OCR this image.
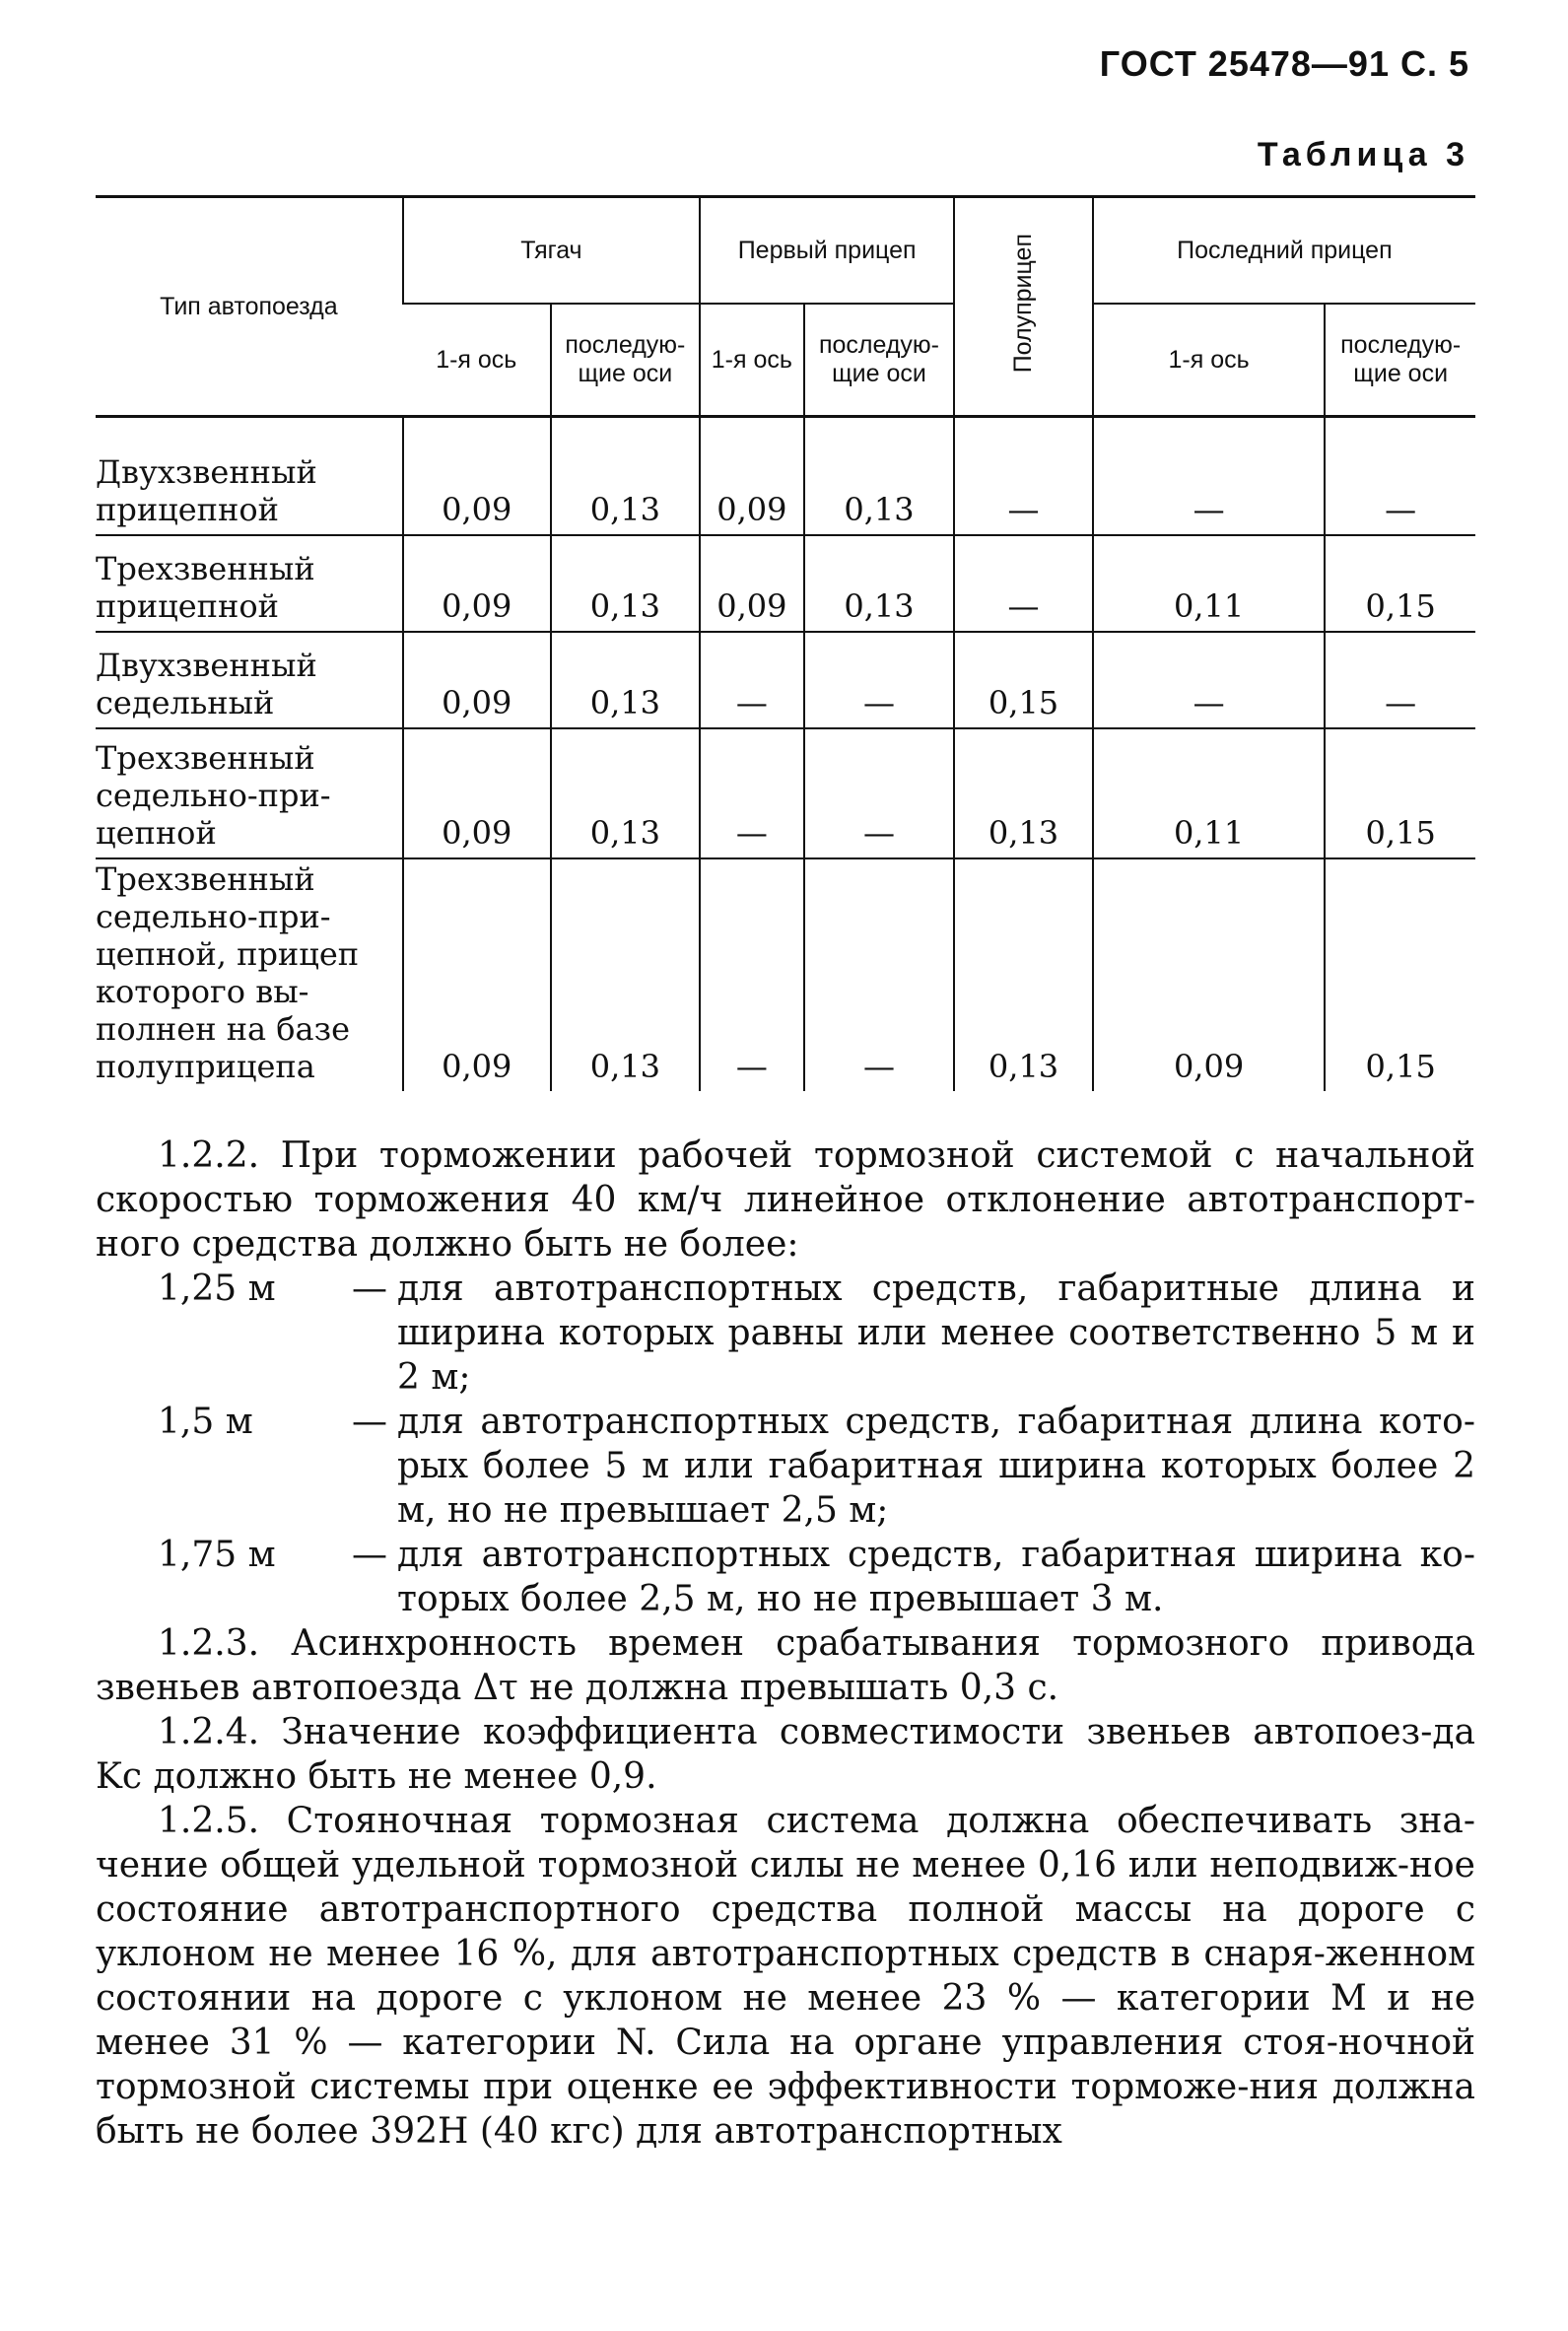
ГОСТ 25478—91 С. 5
Таблица 3
Тип автопоезда	Тягач		Первый прицеп		Полуприцеп	Последний прицеп	
	1-я ось	последую-щие оси	1-я ось	последую-щие оси		1-я ось	последую-щие оси
Двухзвенный прицепной	0,09	0,13	0,09	0,13	—	—	—
Трехзвенный прицепной	0,09	0,13	0,09	0,13	—	0,11	0,15
Двухзвенный седельный	0,09	0,13	—	—	0,15	—	—
Трехзвенный седельно-при-цепной	0,09	0,13	—	—	0,13	0,11	0,15
Трехзвенный седельно-при-цепной, прицеп которого вы-полнен на базе полуприцепа	0,09	0,13	—	—	0,13	0,09	0,15

1.2.2. При торможении рабочей тормозной системой с начальной скоростью торможения 40 км/ч линейное отклонение автотранспорт-ного средства должно быть не более:

1,25 м	— для автотранспортных средств, габаритные длина и ширина которых равны или менее соответственно 5 м и 2 м;
1,5 м	— для автотранспортных средств, габаритная длина кото-рых более 5 м или габаритная ширина которых более 2 м, но не превышает 2,5 м;
1,75 м	— для автотранспортных средств, габаритная ширина ко-торых более 2,5 м, но не превышает 3 м.

1.2.3. Асинхронность времен срабатывания тормозного привода звеньев автопоезда Δτ не должна превышать 0,3 с.

1.2.4. Значение коэффициента совместимости звеньев автопоез-да Kс должно быть не менее 0,9.

1.2.5. Стояночная тормозная система должна обеспечивать зна-чение общей удельной тормозной силы не менее 0,16 или неподвиж-ное состояние автотранспортного средства полной массы на дороге с уклоном не менее 16 %, для автотранспортных средств в снаря-женном состоянии на дороге с уклоном не менее 23 % — категории M и не менее 31 % — категории N. Сила на органе управления стоя-ночной тормозной системы при оценке ее эффективности торможе-ния должна быть не более 392Н (40 кгс) для автотранспортных
